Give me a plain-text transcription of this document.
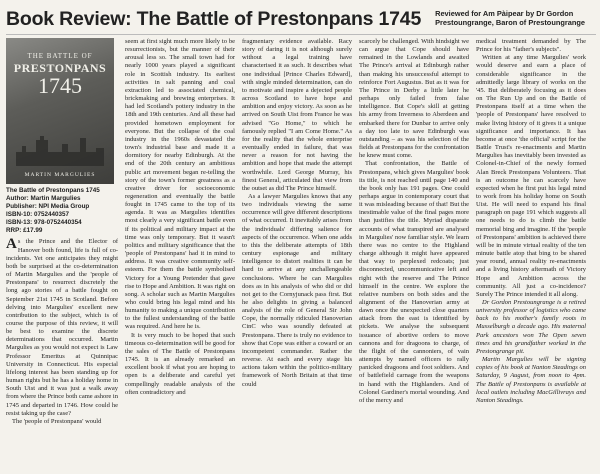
Book Review: The Battle of Prestonpans 1745 Reviewed for Am Pàipear by Dr Gordon
Prestoungrange, Baron of Prestoungrange
THE BATTLE OF
PRESTONPANS
1745
MARTIN MARGULIES
The Battle of Prestonpans 1745
Author: Martin Margulies
Publisher: NPI Media Group
ISBN-10: 0752440357
ISBN-13: 978-0752440354
RRP: £17.99

As the Prince and the Elector of Hanover both found, life is full of co-incidents. Yet one anticipates they might both be surprised at the co-determination of Martin Margulies and the 'people of Prestonpans' to resurrect discretely the long ago stories of a battle fought on September 21st 1745 in Scotland. Before delving into Margulies' excellent new contribution to the subject, which is of course the purpose of this review, it will be best to examine the discrete determinations that occurred. Martin Margulies as you would not expect is Law Professor Emeritus at Quinnipac University in Connecticut. His especial lifelong interest has been standing up for human rights but he has a holiday home in South Uist and it was just a walk away from where the Prince both came ashore in 1745 and departed in 1746. How could he resist taking up the case?

The 'people of Prestonpans' would

seem at first sight much more likely to be resurrectionists, but the manner of their arousal less so. The small town had for nearly 1000 years played a significant role in Scottish industry. Its earliest activities in salt panning and coal extraction led to associated chemical, brickmaking and brewing enterprises. It had led Scotland's pottery industry in the 18th and 19th centuries. And all these had provided hometown employment for everyone. But the collapse of the coal industry in the 1960s devastated the town's industrial base and made it a dormitory for nearby Edinburgh. At the end of the 20th century an ambitious public art movement began re-telling the story of the town's former greatness as a creative driver for socioeconomic regeneration and eventually the battle fought in 1745 came to the top of its agenda. It was as Margulies identifies most clearly a very significant battle even if its political and military impact at the time was only temporary. But it wasn't politics and military significance that the 'people of Prestonpans' had it in mind to address. It was creative community self-esteem. For them the battle symbolised Victory for a Young Pretender that gave rise to Hope and Ambition. It was right on song. A scholar such as Martin Margulies who could bring his legal mind and his humanity to making a unique contribution to the fullest understanding of the battle was required. And here he is.

It is very much to be hoped that such timeous co-determination will be good for the sales of The Battle of Prestonpans 1745. It is an already remarked an excellent book if what you are hoping to open is a deliberate and careful yet compellingly readable analysis of the often contradictory and

fragmentary evidence available. Racy story of daring it is not although surely without a legal training have characterised it as such. It describes what one individual [Prince Charles Edward], with single minded determination, can do to motivate and inspire a dejected people across Scotland to have hope and ambition and enjoy victory. As soon as he arrived on South Uist from France he was advised "Go Home," to which he famously replied "I am Come Home." As for the reality that the whole enterprise eventually ended in failure, that was never a reason for not having the ambition and hope that made the attempt worthwhile. Lord George Murray, his finest General, articulated that view from the outset as did The Prince himself.

As a lawyer Margulies knows that any two individuals viewing the same occurrence will give different descriptions of what occurred. It inevitably arises from the individuals' differing salience for aspects of the occurrence. When one adds to this the deliberate attempts of 18th century espionage and military intelligence to distort realities it can be hard to arrive at any unchallengeable conclusions. Where he can Margulies does as in his analysis of who did or did not get to the Cornyjunack pass first. But he also delights in giving a balanced analysis of the role of General Sir John Cope, the normally ridiculed Hanoverian CinC who was soundly defeated at Prestonpans. There is truly no evidence to show that Cope was either a coward or an incompetent commander. Rather the reverse. At each and every stage his actions taken within the politico-military framework of North Britain at that time could

scarcely be challenged. With hindsight we can argue that Cope should have remained in the Lowlands and awaited The Prince's arrival at Edinburgh rather than making his unsuccessful attempt to reinforce Fort Augustus. But as it was for The Prince in Derby a little later he perhaps only failed from false intelligence. But Cope's skill at getting his army from Inverness to Aberdeen and embarked there for Dunbar to arrive only a day too late to save Edinburgh was outstanding – as was his selection of the fields at Prestonpans for the confrontation he knew must come.

That confrontation, the Battle of Prestonpans, which gives Margulies' book its title, is not reached until page 140 and the book only has 191 pages. One could perhaps argue in contemporary court that it was misleading because of that! But the inestimable value of the final pages more than justifies the title. Myriad disparate accounts of what transpired are analysed in Margulies' now familiar style. We learn there was no centre to the Highland charge although it might have appeared that way to perplexed redcoats; just disconnected, uncommunicative left and right with the reserve and The Prince himself in the centre. We explore the relative numbers on both sides and the alignment of the Hanoverian army at dawn once the unexpected close quarters attack from the east is identified by pickets. We analyse the subsequent issuance of abortive orders to move cannons and for dragoons to charge, of the flight of the cannoniers, of vain attempts by named officers to rally panicked dragoons and foot soldiers. And of battlefield carnage from the weapons in hand with the Highlanders. And of Colonel Gardiner's mortal wounding. And of the mercy and

medical treatment demanded by The Prince for his "father's subjects".

Written at any time Margulies' work would deserve and earn a place of considerable significance in the admittedly large library of works on the '45. But deliberately focusing as it does on The Run Up and on the Battle of Prestonpans itself at a time when the 'people of Prestonpans' have resolved to make living history of it gives it a unique significance and importance. It has become at once 'the official' script for the Battle Trust's re-enactments and Martin Margulies has inevitably been invested as Colonel-in-Chief of the newly formed Alan Breck Prestonpans Volunteers. That is an outcome he can scarcely have expected when he first put his legal mind to work from his holiday home on South Uist. He will need to expand his final paragraph on page 191 which suggests all one needs to do is climb the battle memorial bing and imagine. If the 'people of Prestonpans' ambition is achieved there will be in minute virtual reality of the ten minute battle atop that bing to be shared year round, annual reality re-enactments and a living history aftermath of Victory Hope and Ambition across the community. All just a co-incidence? Surely The Prince intended it all along.

Dr Gordon Prestoungrange is a retired university professor of logistics who came back to his mother's family roots in Musselburgh a decade ago. His maternal Park ancestors won The Open seven times and his grandfather worked in the Prestongrange pit.

Martin Margulies will be signing copies of his book at Nanton Steadings on Saturday, 9 August, from noon to 4pm. The Battle of Prestonpans is available at local outlets including MacGillivrays and Nanton Steadings.
